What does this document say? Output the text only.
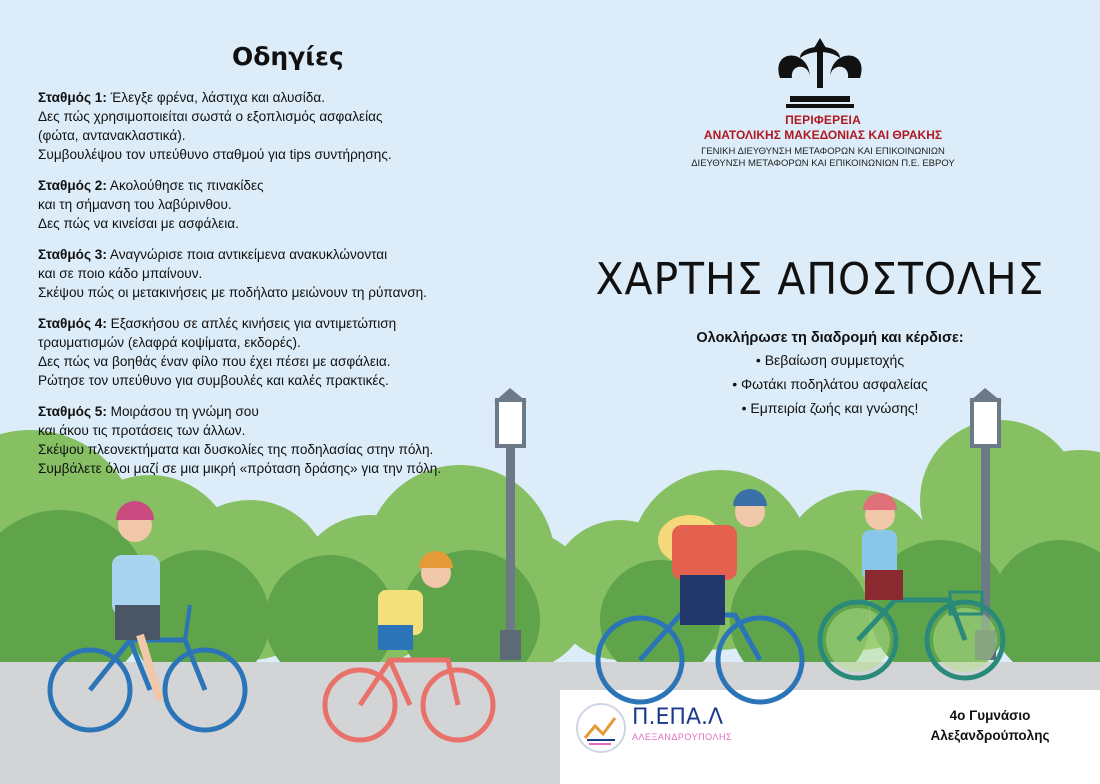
Οδηγίες
Σταθμός 1: Έλεγξε φρένα, λάστιχα και αλυσίδα.
Δες πώς χρησιμοποιείται σωστά ο εξοπλισμός ασφαλείας
(φώτα, αντανακλαστικά).
Συμβουλέψου τον υπεύθυνο σταθμού για tips συντήρησης.
Σταθμός 2: Ακολούθησε τις πινακίδες
και τη σήμανση του λαβύρινθου.
Δες πώς να κινείσαι με ασφάλεια.
Σταθμός 3: Αναγνώρισε ποια αντικείμενα ανακυκλώνονται
και σε ποιο κάδο μπαίνουν.
Σκέψου πώς οι μετακινήσεις με ποδήλατο μειώνουν τη ρύπανση.
Σταθμός 4: Εξασκήσου σε απλές κινήσεις για αντιμετώπιση
τραυματισμών (ελαφρά κοψίματα, εκδορές).
Δες πώς να βοηθάς έναν φίλο που έχει πέσει με ασφάλεια.
Ρώτησε τον υπεύθυνο για συμβουλές και καλές πρακτικές.
Σταθμός 5: Μοιράσου τη γνώμη σου
και άκου τις προτάσεις των άλλων.
Σκέψου πλεονεκτήματα και δυσκολίες της ποδηλασίας στην πόλη.
Συμβάλετε όλοι μαζί σε μια μικρή «πρόταση δράσης» για την πόλη.
ΠΕΡΙΦΕΡΕΙΑ
ΑΝΑΤΟΛΙΚΗΣ ΜΑΚΕΔΟΝΙΑΣ ΚΑΙ ΘΡΑΚΗΣ
ΓΕΝΙΚΗ ΔΙΕΥΘΥΝΣΗ ΜΕΤΑΦΟΡΩΝ ΚΑΙ ΕΠΙΚΟΙΝΩΝΙΩΝ
ΔΙΕΥΘΥΝΣΗ ΜΕΤΑΦΟΡΩΝ ΚΑΙ ΕΠΙΚΟΙΝΩΝΙΩΝ Π.Ε. ΕΒΡΟΥ
ΧΑΡΤΗΣ ΑΠΟΣΤΟΛΗΣ
Ολοκλήρωσε τη διαδρομή και κέρδισε:
• Βεβαίωση συμμετοχής
• Φωτάκι ποδηλάτου ασφαλείας
• Εμπειρία ζωής και γνώσης!
Π.ΕΠΑ.Λ
ΑΛΕΞΑΝΔΡΟΥΠΟΛΗΣ
4ο Γυμνάσιο
Αλεξανδρούπολης
